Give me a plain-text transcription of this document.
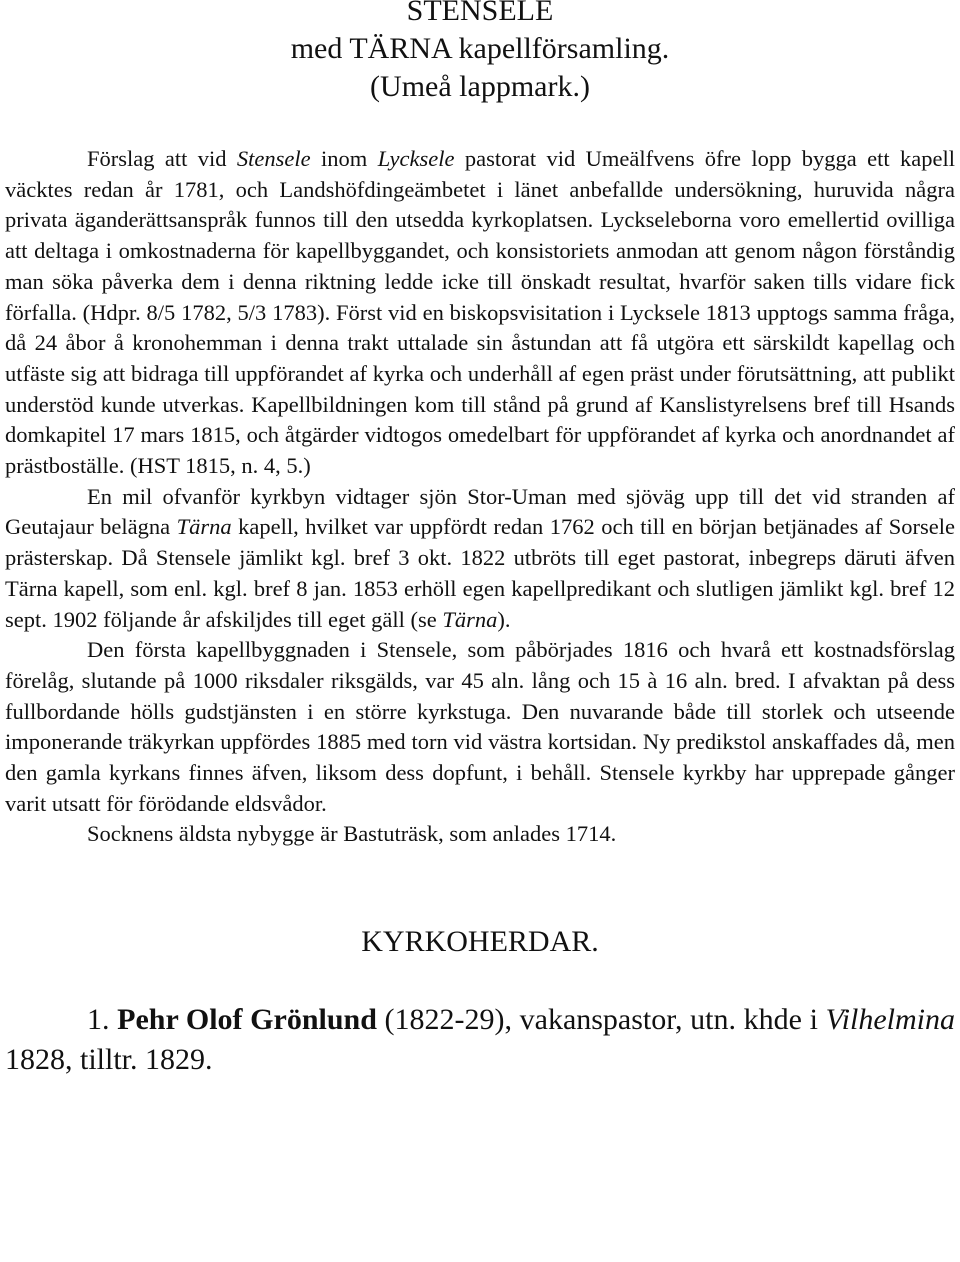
STENSELE
med TÄRNA kapellförsamling.
(Umeå lappmark.)

Förslag att vid Stensele inom Lycksele pastorat vid Umeälfvens öfre lopp bygga ett kapell väcktes redan år 1781, och Landshöfdingeämbetet i länet anbefallde undersökning, huruvida några privata äganderättsanspråk funnos till den utsedda kyrkoplatsen. Lyckseleborna voro emellertid ovilliga att deltaga i omkostnaderna för kapellbyggandet, och konsistoriets anmodan att genom någon förståndig man söka påverka dem i denna riktning ledde icke till önskadt resultat, hvarför saken tills vidare fick förfalla. (Hdpr. 8/5 1782, 5/3 1783). Först vid en biskopsvisitation i Lycksele 1813 upptogs samma fråga, då 24 åbor å kronohemman i denna trakt uttalade sin åstundan att få utgöra ett särskildt kapellag och utfäste sig att bidraga till uppförandet af kyrka och underhåll af egen präst under förutsättning, att publikt understöd kunde utverkas. Kapellbildningen kom till stånd på grund af Kanslistyrelsens bref till Hsands domkapitel 17 mars 1815, och åtgärder vidtogos omedelbart för uppförandet af kyrka och anordnandet af prästboställe. (HST 1815, n. 4, 5.)

En mil ofvanför kyrkbyn vidtager sjön Stor-Uman med sjöväg upp till det vid stranden af Geutajaur belägna Tärna kapell, hvilket var uppfördt redan 1762 och till en början betjänades af Sorsele prästerskap. Då Stensele jämlikt kgl. bref 3 okt. 1822 utbröts till eget pastorat, inbegreps däruti äfven Tärna kapell, som enl. kgl. bref 8 jan. 1853 erhöll egen kapellpredikant och slutligen jämlikt kgl. bref 12 sept. 1902 följande år afskiljdes till eget gäll (se Tärna).

Den första kapellbyggnaden i Stensele, som påbörjades 1816 och hvarå ett kostnadsförslag förelåg, slutande på 1000 riksdaler riksgälds, var 45 aln. lång och 15 à 16 aln. bred. I afvaktan på dess fullbordande hölls gudstjänsten i en större kyrkstuga. Den nuvarande både till storlek och utseende imponerande träkyrkan uppfördes 1885 med torn vid västra kortsidan. Ny predikstol anskaffades då, men den gamla kyrkans finnes äfven, liksom dess dopfunt, i behåll. Stensele kyrkby har upprepade gånger varit utsatt för förödande eldsvådor.

Socknens äldsta nybygge är Bastuträsk, som anlades 1714.

KYRKOHERDAR.

1. Pehr Olof Grönlund (1822-29), vakanspastor, utn. khde i Vilhelmina 1828, tilltr. 1829.
